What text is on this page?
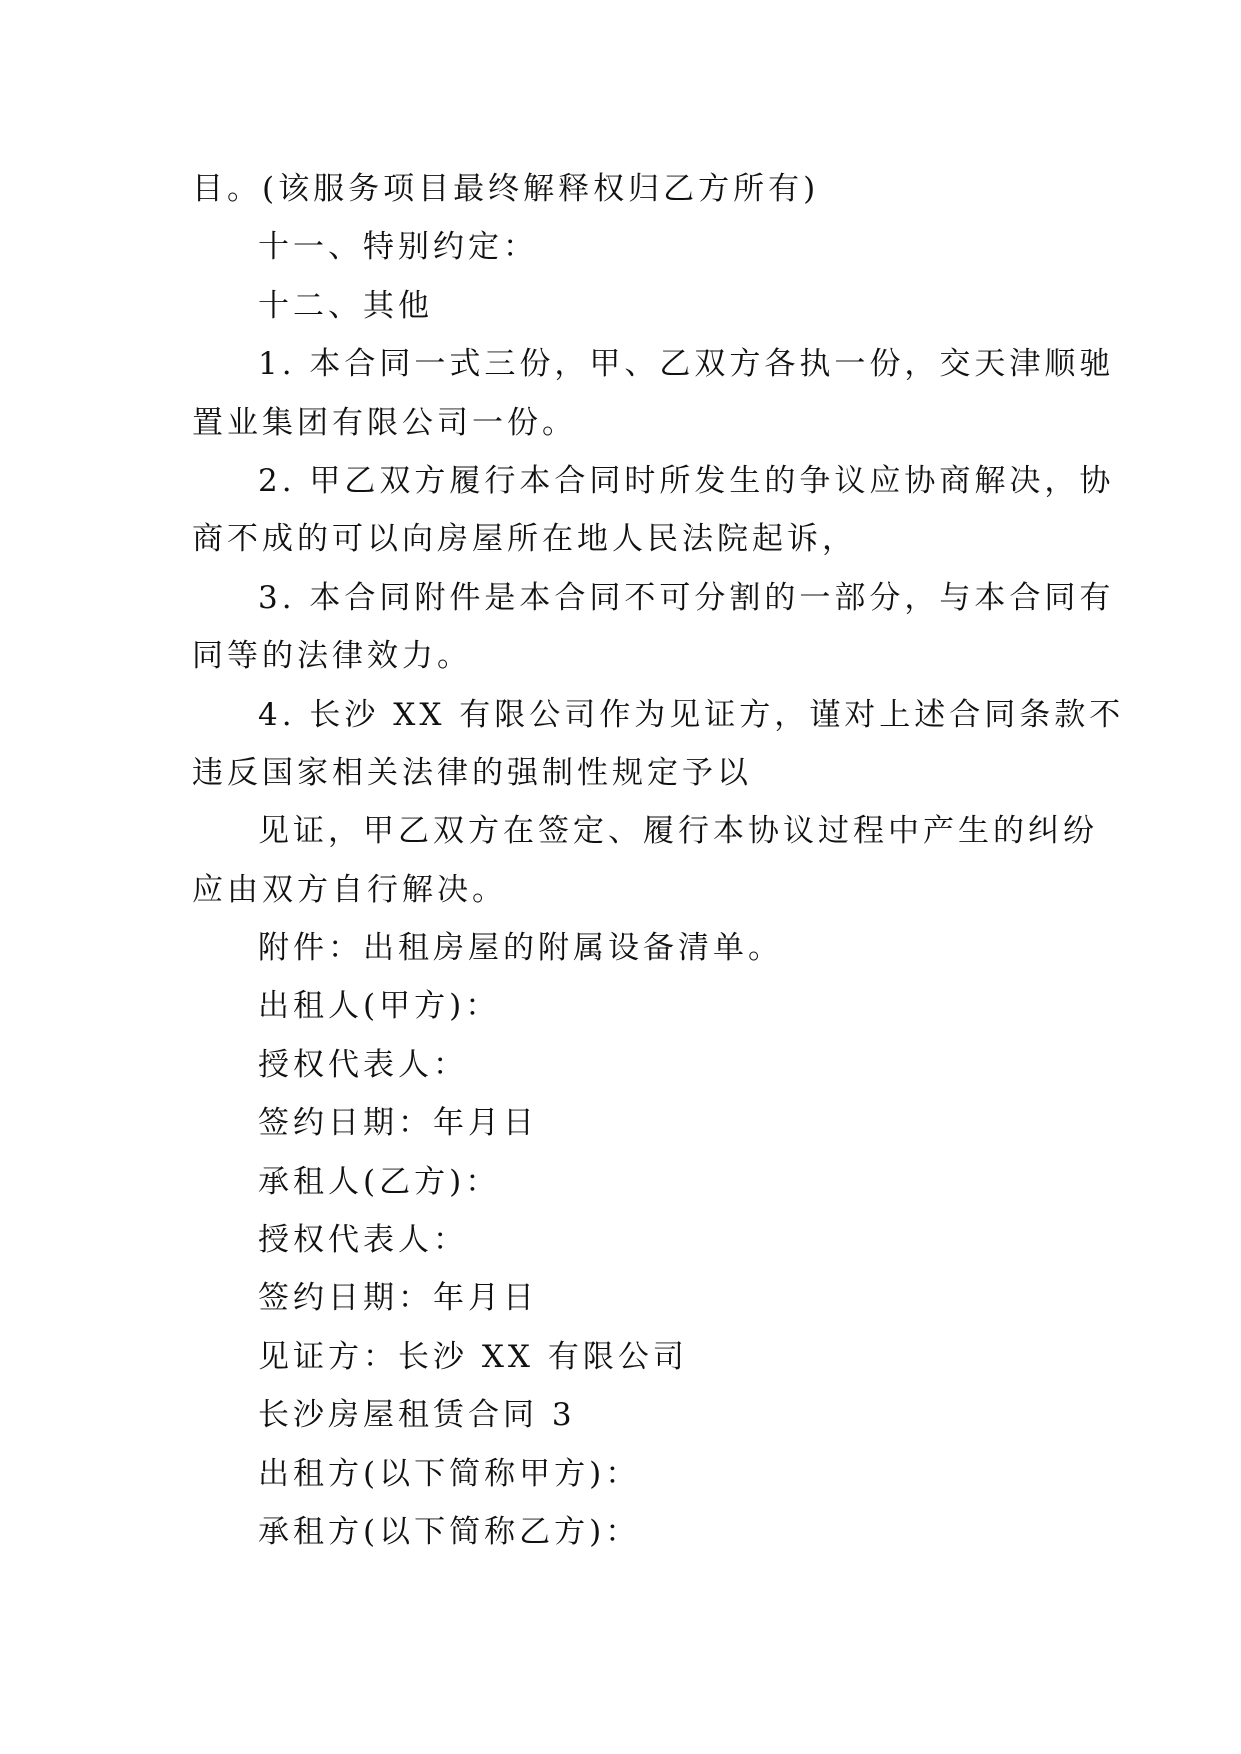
目。(该服务项目最终解释权归乙方所有)
十一、特别约定：
十二、其他
1. 本合同一式三份，甲、乙双方各执一份，交天津顺驰
置业集团有限公司一份。
2. 甲乙双方履行本合同时所发生的争议应协商解决，协
商不成的可以向房屋所在地人民法院起诉，
3. 本合同附件是本合同不可分割的一部分，与本合同有
同等的法律效力。
4. 长沙 XX 有限公司作为见证方，谨对上述合同条款不
违反国家相关法律的强制性规定予以
见证，甲乙双方在签定、履行本协议过程中产生的纠纷
应由双方自行解决。
附件：出租房屋的附属设备清单。
出租人(甲方)：
授权代表人：
签约日期：年月日
承租人(乙方)：
授权代表人：
签约日期：年月日
见证方：长沙 XX 有限公司
长沙房屋租赁合同 3
出租方(以下简称甲方)：
承租方(以下简称乙方)：
